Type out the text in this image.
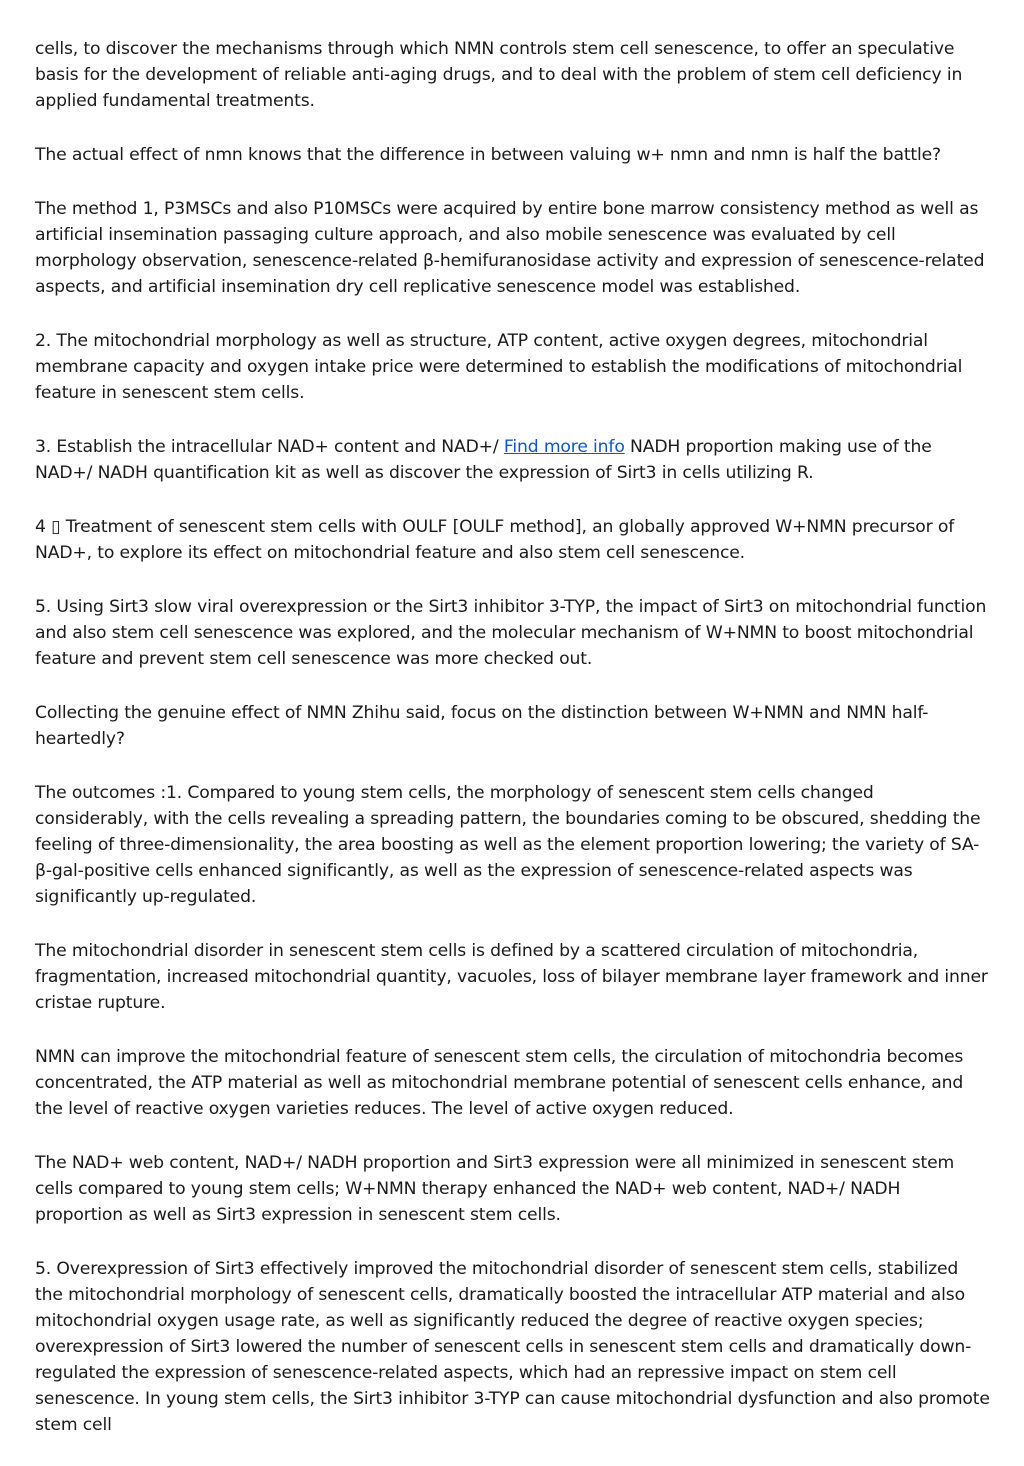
cells, to discover the mechanisms through which NMN controls stem cell senescence, to offer an speculative basis for the development of reliable anti-aging drugs, and to deal with the problem of stem cell deficiency in applied fundamental treatments.

The actual effect of nmn knows that the difference in between valuing w+ nmn and nmn is half the battle?

The method 1, P3MSCs and also P10MSCs were acquired by entire bone marrow consistency method as well as artificial insemination passaging culture approach, and also mobile senescence was evaluated by cell morphology observation, senescence-related β-hemifuranosidase activity and expression of senescence-related aspects, and artificial insemination dry cell replicative senescence model was established.

2. The mitochondrial morphology as well as structure, ATP content, active oxygen degrees, mitochondrial membrane capacity and oxygen intake price were determined to establish the modifications of mitochondrial feature in senescent stem cells.

3. Establish the intracellular NAD+ content and NAD+/ Find more info NADH proportion making use of the NAD+/ NADH quantification kit as well as discover the expression of Sirt3 in cells utilizing R.

4 ▯ Treatment of senescent stem cells with OULF [OULF method], an globally approved W+NMN precursor of NAD+, to explore its effect on mitochondrial feature and also stem cell senescence.

5. Using Sirt3 slow viral overexpression or the Sirt3 inhibitor 3-TYP, the impact of Sirt3 on mitochondrial function and also stem cell senescence was explored, and the molecular mechanism of W+NMN to boost mitochondrial feature and prevent stem cell senescence was more checked out.

Collecting the genuine effect of NMN Zhihu said, focus on the distinction between W+NMN and NMN half-heartedly?

The outcomes :1. Compared to young stem cells, the morphology of senescent stem cells changed considerably, with the cells revealing a spreading pattern, the boundaries coming to be obscured, shedding the feeling of three-dimensionality, the area boosting as well as the element proportion lowering; the variety of SA-β-gal-positive cells enhanced significantly, as well as the expression of senescence-related aspects was significantly up-regulated.

The mitochondrial disorder in senescent stem cells is defined by a scattered circulation of mitochondria, fragmentation, increased mitochondrial quantity, vacuoles, loss of bilayer membrane layer framework and inner cristae rupture.

NMN can improve the mitochondrial feature of senescent stem cells, the circulation of mitochondria becomes concentrated, the ATP material as well as mitochondrial membrane potential of senescent cells enhance, and the level of reactive oxygen varieties reduces. The level of active oxygen reduced.

The NAD+ web content, NAD+/ NADH proportion and Sirt3 expression were all minimized in senescent stem cells compared to young stem cells; W+NMN therapy enhanced the NAD+ web content, NAD+/ NADH proportion as well as Sirt3 expression in senescent stem cells.

5. Overexpression of Sirt3 effectively improved the mitochondrial disorder of senescent stem cells, stabilized the mitochondrial morphology of senescent cells, dramatically boosted the intracellular ATP material and also mitochondrial oxygen usage rate, as well as significantly reduced the degree of reactive oxygen species; overexpression of Sirt3 lowered the number of senescent cells in senescent stem cells and dramatically down-regulated the expression of senescence-related aspects, which had an repressive impact on stem cell senescence. In young stem cells, the Sirt3 inhibitor 3-TYP can cause mitochondrial dysfunction and also promote stem cell
